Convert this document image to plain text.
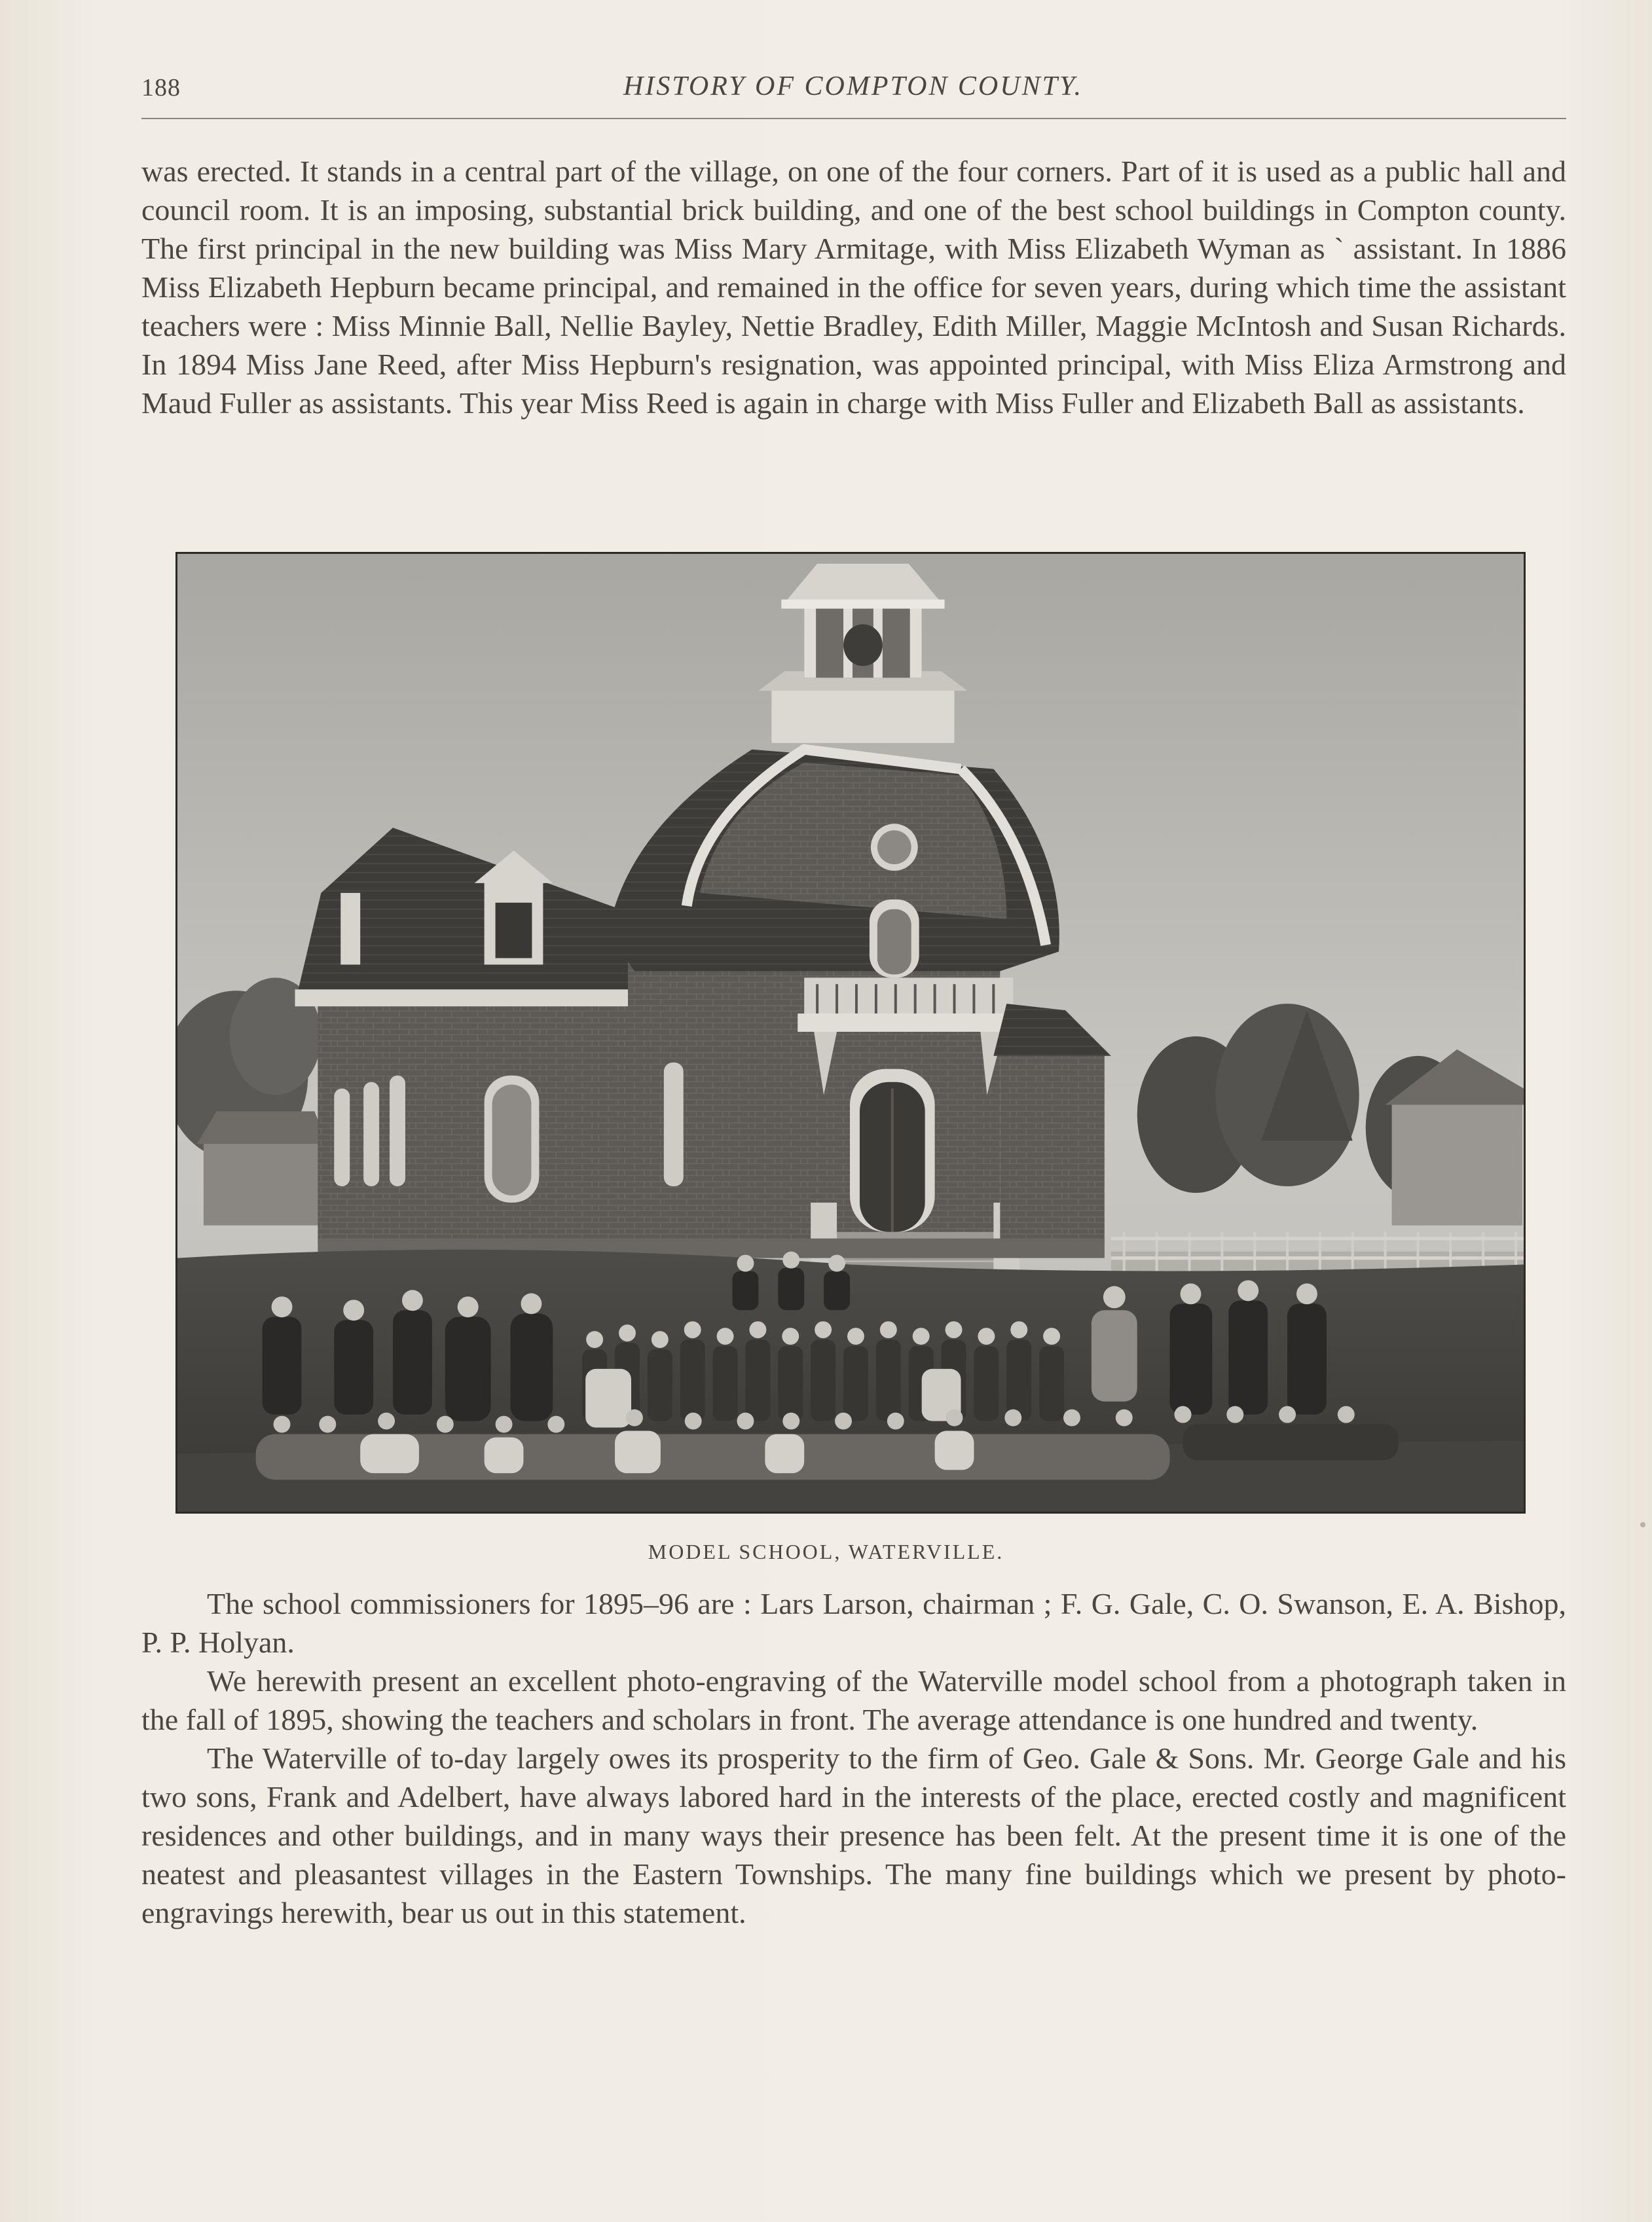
188	HISTORY OF COMPTON COUNTY.

was erected. It stands in a central part of the village, on one of the four corners. Part of it is used as a public hall and council room. It is an imposing, substantial brick building, and one of the best school buildings in Compton county. The first principal in the new building was Miss Mary Armitage, with Miss Elizabeth Wyman as ` assistant. In 1886 Miss Elizabeth Hepburn became principal, and remained in the office for seven years, during which time the assistant teachers were : Miss Minnie Ball, Nellie Bayley, Nettie Bradley, Edith Miller, Maggie McIntosh and Susan Richards. In 1894 Miss Jane Reed, after Miss Hepburn's resignation, was appointed principal, with Miss Eliza Armstrong and Maud Fuller as assistants. This year Miss Reed is again in charge with Miss Fuller and Elizabeth Ball as assistants.

MODEL SCHOOL, WATERVILLE.

The school commissioners for 1895–96 are : Lars Larson, chairman ; F. G. Gale, C. O. Swanson, E. A. Bishop, P. P. Holyan.

We herewith present an excellent photo-engraving of the Waterville model school from a photograph taken in the fall of 1895, showing the teachers and scholars in front. The average attendance is one hundred and twenty.

The Waterville of to-day largely owes its prosperity to the firm of Geo. Gale & Sons. Mr. George Gale and his two sons, Frank and Adelbert, have always labored hard in the interests of the place, erected costly and magnificent residences and other buildings, and in many ways their presence has been felt. At the present time it is one of the neatest and pleasantest villages in the Eastern Townships. The many fine buildings which we present by photo-engravings herewith, bear us out in this statement.
